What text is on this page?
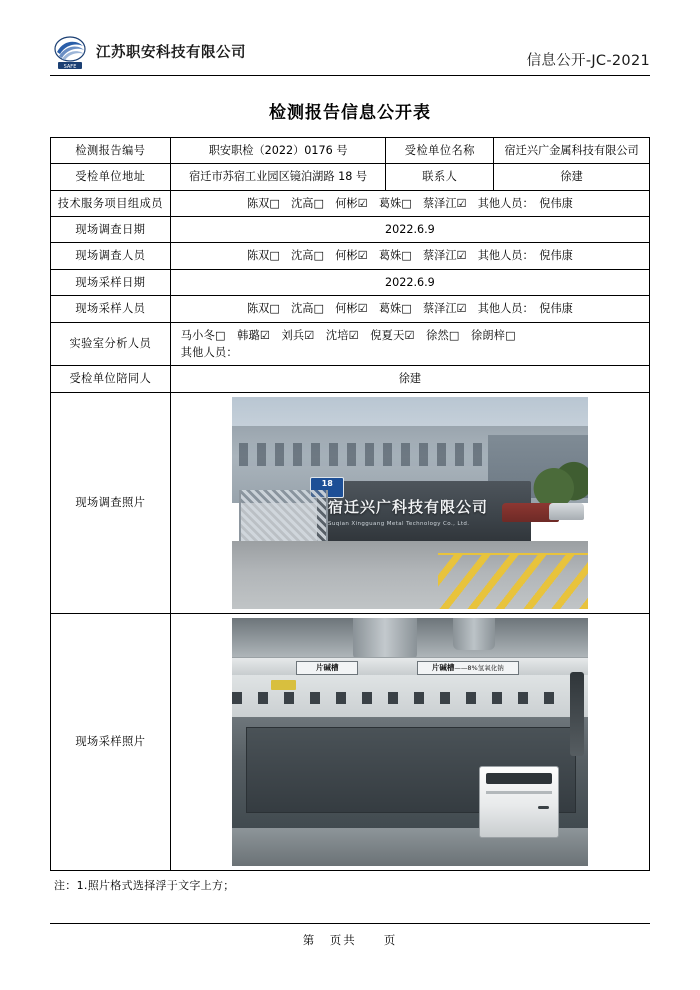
SAFE
江苏职安科技有限公司
信息公开-JC-2021
检测报告信息公开表
检测报告编号	职安职检（2022）0176 号	受检单位名称	宿迁兴广金属科技有限公司
受检单位地址	宿迁市苏宿工业园区镜泊湖路 18 号	联系人	徐建
技术服务项目组成员	陈双□　沈高□　何彬☑　葛姝□　蔡泽江☑　其他人员：　倪伟康		
现场调查日期	2022.6.9		
现场调查人员	陈双□　沈高□　何彬☑　葛姝□　蔡泽江☑　其他人员：　倪伟康		
现场采样日期	2022.6.9		
现场采样人员	陈双□　沈高□　何彬☑　葛姝□　蔡泽江☑　其他人员：　倪伟康		
实验室分析人员	马小冬□　韩璐☑　刘兵☑　沈培☑　倪夏天☑　徐然□　徐朗梓□
其他人员：		

受检单位陪同人	徐建		
现场调查照片	宿迁兴广科技有限公司
Suqian Xingguang Metal Technology Co., Ltd.
18		

现场采样照片	片碱槽 片碱槽——8%氢氧化钠		
注：1.照片格式选择浮于文字上方；
第　页共　　页
